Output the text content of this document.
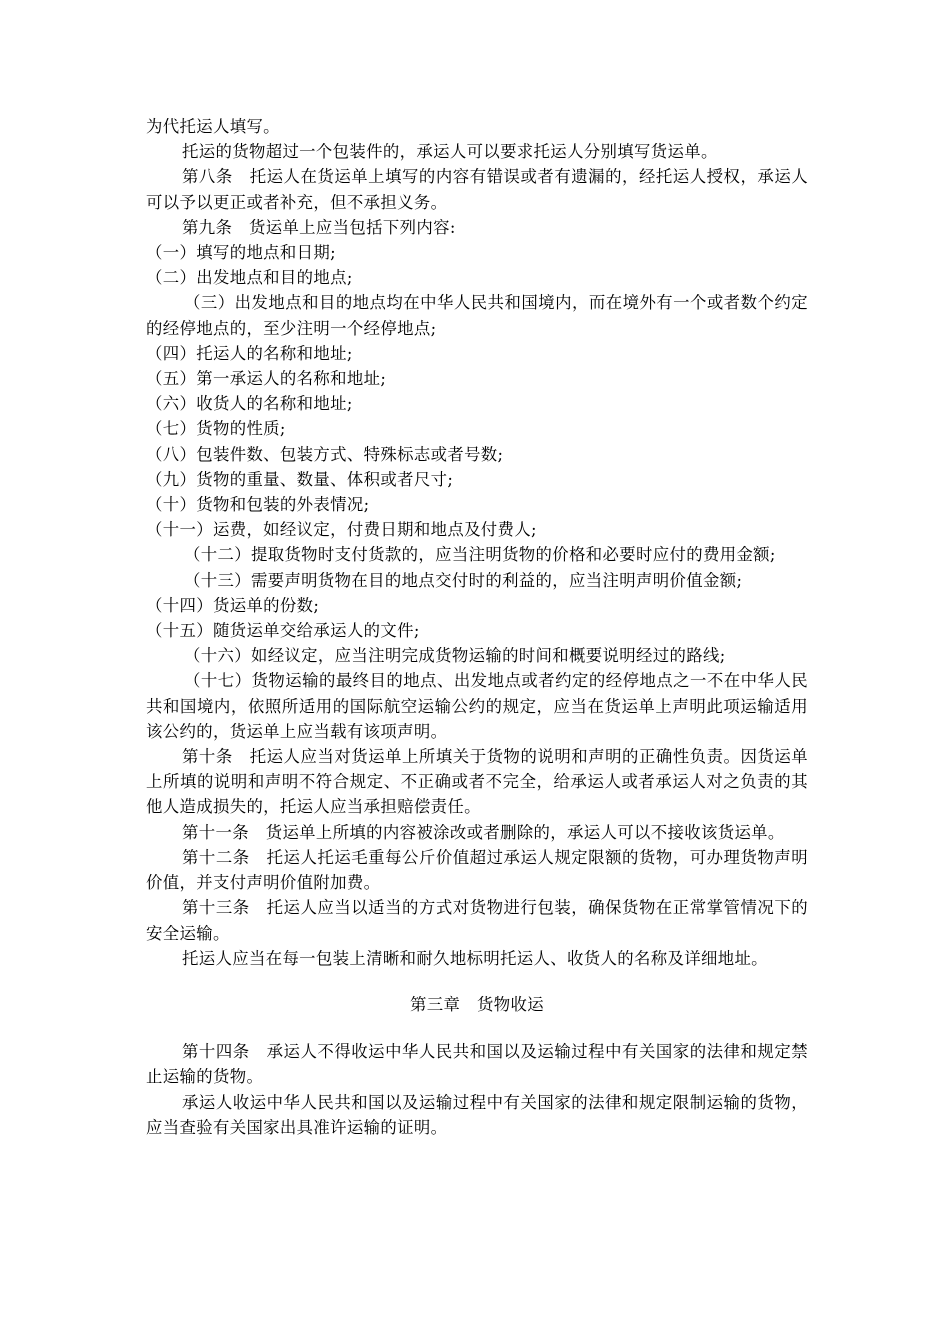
为代托运人填写。

托运的货物超过一个包装件的，承运人可以要求托运人分别填写货运单。

第八条　托运人在货运单上填写的内容有错误或者有遗漏的，经托运人授权，承运人可以予以更正或者补充，但不承担义务。

第九条　货运单上应当包括下列内容:

（一）填写的地点和日期;

（二）出发地点和目的地点;

（三）出发地点和目的地点均在中华人民共和国境内，而在境外有一个或者数个约定的经停地点的，至少注明一个经停地点;

（四）托运人的名称和地址;

（五）第一承运人的名称和地址;

（六）收货人的名称和地址;

（七）货物的性质;

（八）包装件数、包装方式、特殊标志或者号数;

（九）货物的重量、数量、体积或者尺寸;

（十）货物和包装的外表情况;

（十一）运费，如经议定，付费日期和地点及付费人;

（十二）提取货物时支付货款的，应当注明货物的价格和必要时应付的费用金额;

（十三）需要声明货物在目的地点交付时的利益的，应当注明声明价值金额;

（十四）货运单的份数;

（十五）随货运单交给承运人的文件;

（十六）如经议定，应当注明完成货物运输的时间和概要说明经过的路线;

（十七）货物运输的最终目的地点、出发地点或者约定的经停地点之一不在中华人民共和国境内，依照所适用的国际航空运输公约的规定，应当在货运单上声明此项运输适用该公约的，货运单上应当载有该项声明。

第十条　托运人应当对货运单上所填关于货物的说明和声明的正确性负责。因货运单上所填的说明和声明不符合规定、不正确或者不完全，给承运人或者承运人对之负责的其他人造成损失的，托运人应当承担赔偿责任。

第十一条　货运单上所填的内容被涂改或者删除的，承运人可以不接收该货运单。

第十二条　托运人托运毛重每公斤价值超过承运人规定限额的货物，可办理货物声明价值，并支付声明价值附加费。

第十三条　托运人应当以适当的方式对货物进行包装，确保货物在正常掌管情况下的安全运输。

托运人应当在每一包装上清晰和耐久地标明托运人、收货人的名称及详细地址。

第三章　货物收运

第十四条　承运人不得收运中华人民共和国以及运输过程中有关国家的法律和规定禁止运输的货物。

承运人收运中华人民共和国以及运输过程中有关国家的法律和规定限制运输的货物，应当查验有关国家出具准许运输的证明。
